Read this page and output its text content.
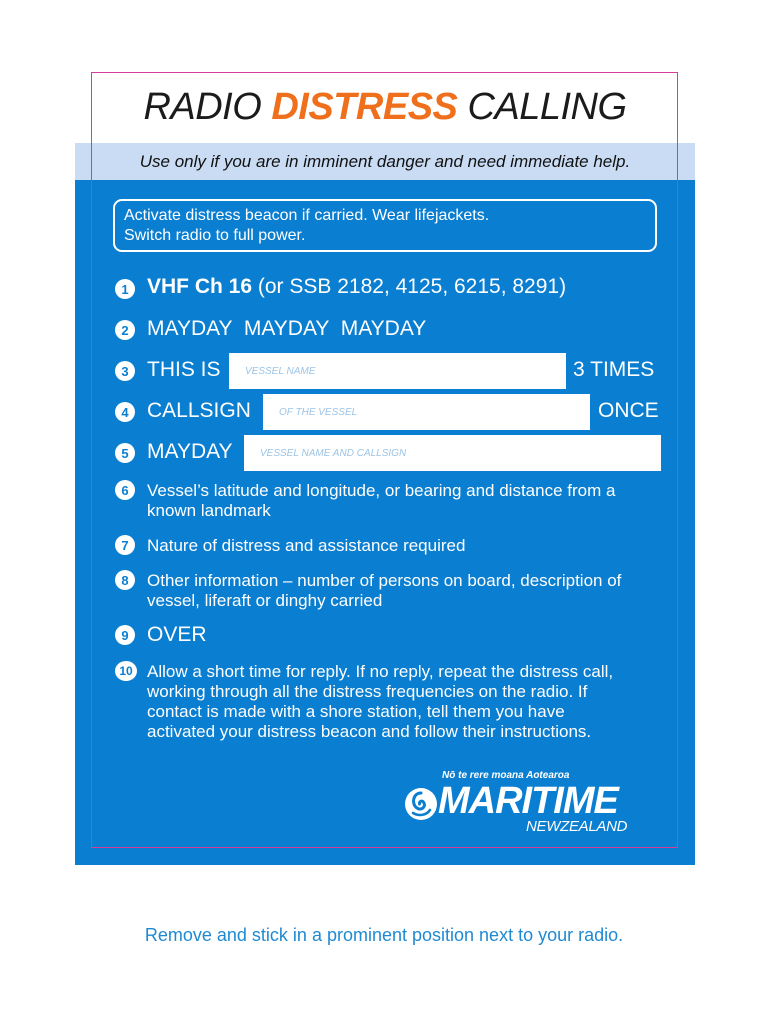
RADIO DISTRESS CALLING
Use only if you are in imminent danger and need immediate help.
Activate distress beacon if carried. Wear lifejackets.
Switch radio to full power.
1 VHF Ch 16 (or SSB 2182, 4125, 6215, 8291)
2 MAYDAY  MAYDAY  MAYDAY
3 THIS IS VESSEL NAME	3 TIMES
4 CALLSIGN	OF THE VESSEL	ONCE
5 MAYDAY	VESSEL NAME AND CALLSIGN
6	Vessel’s latitude and longitude, or bearing and distance from a known landmark
7	Nature of distress and assistance required
8	Other information – number of persons on board, description of vessel, liferaft or dinghy carried
9 OVER
10 Allow a short time for reply. If no reply, repeat the distress call, working through all the distress frequencies on the radio. If contact is made with a shore station, tell them you have activated your distress beacon and follow their instructions.
Nō te rere moana Aotearoa
MARITIME
NEWZEALAND
Remove and stick in a prominent position next to your radio.
